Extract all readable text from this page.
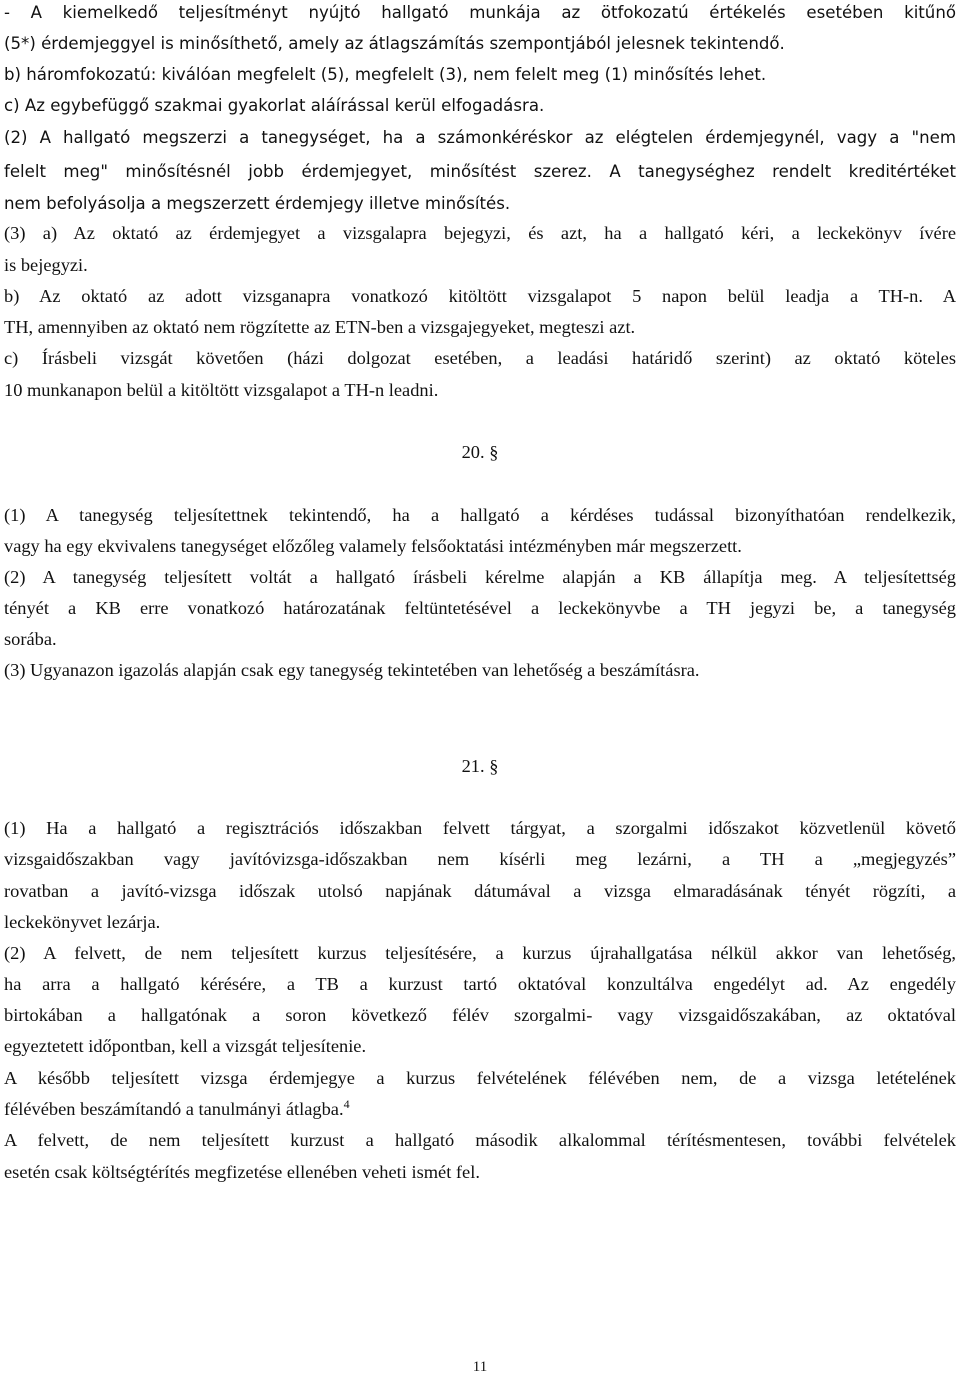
- A kiemelkedő teljesítményt nyújtó hallgató munkája az ötfokozatú értékelés esetében kitűnő
(5*) érdemjeggyel is minősíthető, amely az átlagszámítás szempontjából jelesnek tekintendő.
b) háromfokozatú: kiválóan megfelelt (5), megfelelt (3), nem felelt meg (1) minősítés lehet.
c) Az egybefüggő szakmai gyakorlat aláírással kerül elfogadásra.
(2) A hallgató megszerzi a tanegységet, ha a számonkéréskor az elégtelen érdemjegynél, vagy a "nem
felelt meg" minősítésnél jobb érdemjegyet, minősítést szerez. A tanegységhez rendelt kreditértéket
nem befolyásolja a megszerzett érdemjegy illetve minősítés.
(3) a) Az oktató az érdemjegyet a vizsgalapra bejegyzi, és azt, ha a hallgató kéri, a leckekönyv ívére
is bejegyzi.
b) Az oktató az adott vizsganapra vonatkozó kitöltött vizsgalapot 5 napon belül leadja a TH-n. A
TH, amennyiben az oktató nem rögzítette az ETN-ben a vizsgajegyeket, megteszi azt.
c) Írásbeli vizsgát követően (házi dolgozat esetében, a leadási határidő szerint) az oktató köteles
10 munkanapon belül a kitöltött vizsgalapot a TH-n leadni.
20. §
(1) A tanegység teljesítettnek tekintendő, ha a hallgató a kérdéses tudással bizonyíthatóan rendelkezik,
vagy ha egy ekvivalens tanegységet előzőleg valamely felsőoktatási intézményben már megszerzett.
(2) A tanegység teljesített voltát a hallgató írásbeli kérelme alapján a KB állapítja meg. A teljesítettség
tényét a KB erre vonatkozó határozatának feltüntetésével a leckekönyvbe a TH jegyzi be, a tanegység
sorába.
(3) Ugyanazon igazolás alapján csak egy tanegység tekintetében van lehetőség a beszámításra.
21. §
(1) Ha a hallgató a regisztrációs időszakban felvett tárgyat, a szorgalmi időszakot közvetlenül követő
vizsgaidőszakban vagy javítóvizsga-időszakban nem kísérli meg lezárni, a TH a „megjegyzés”
rovatban a javító-vizsga időszak utolsó napjának dátumával a vizsga elmaradásának tényét rögzíti, a
leckekönyvet lezárja.
(2) A felvett, de nem teljesített kurzus teljesítésére, a kurzus újrahallgatása nélkül akkor van lehetőség,
ha arra a hallgató kérésére, a TB a kurzust tartó oktatóval konzultálva engedélyt ad. Az engedély
birtokában a hallgatónak a soron következő félév szorgalmi- vagy vizsgaidőszakában, az oktatóval
egyeztetett időpontban, kell a vizsgát teljesítenie.
A később teljesített vizsga érdemjegye a kurzus felvételének félévében nem, de a vizsga letételének
félévében beszámítandó a tanulmányi átlagba.$^4$
A felvett, de nem teljesített kurzust a hallgató második alkalommal térítésmentesen, további felvételek
esetén csak költségtérítés megfizetése ellenében veheti ismét fel.
11
